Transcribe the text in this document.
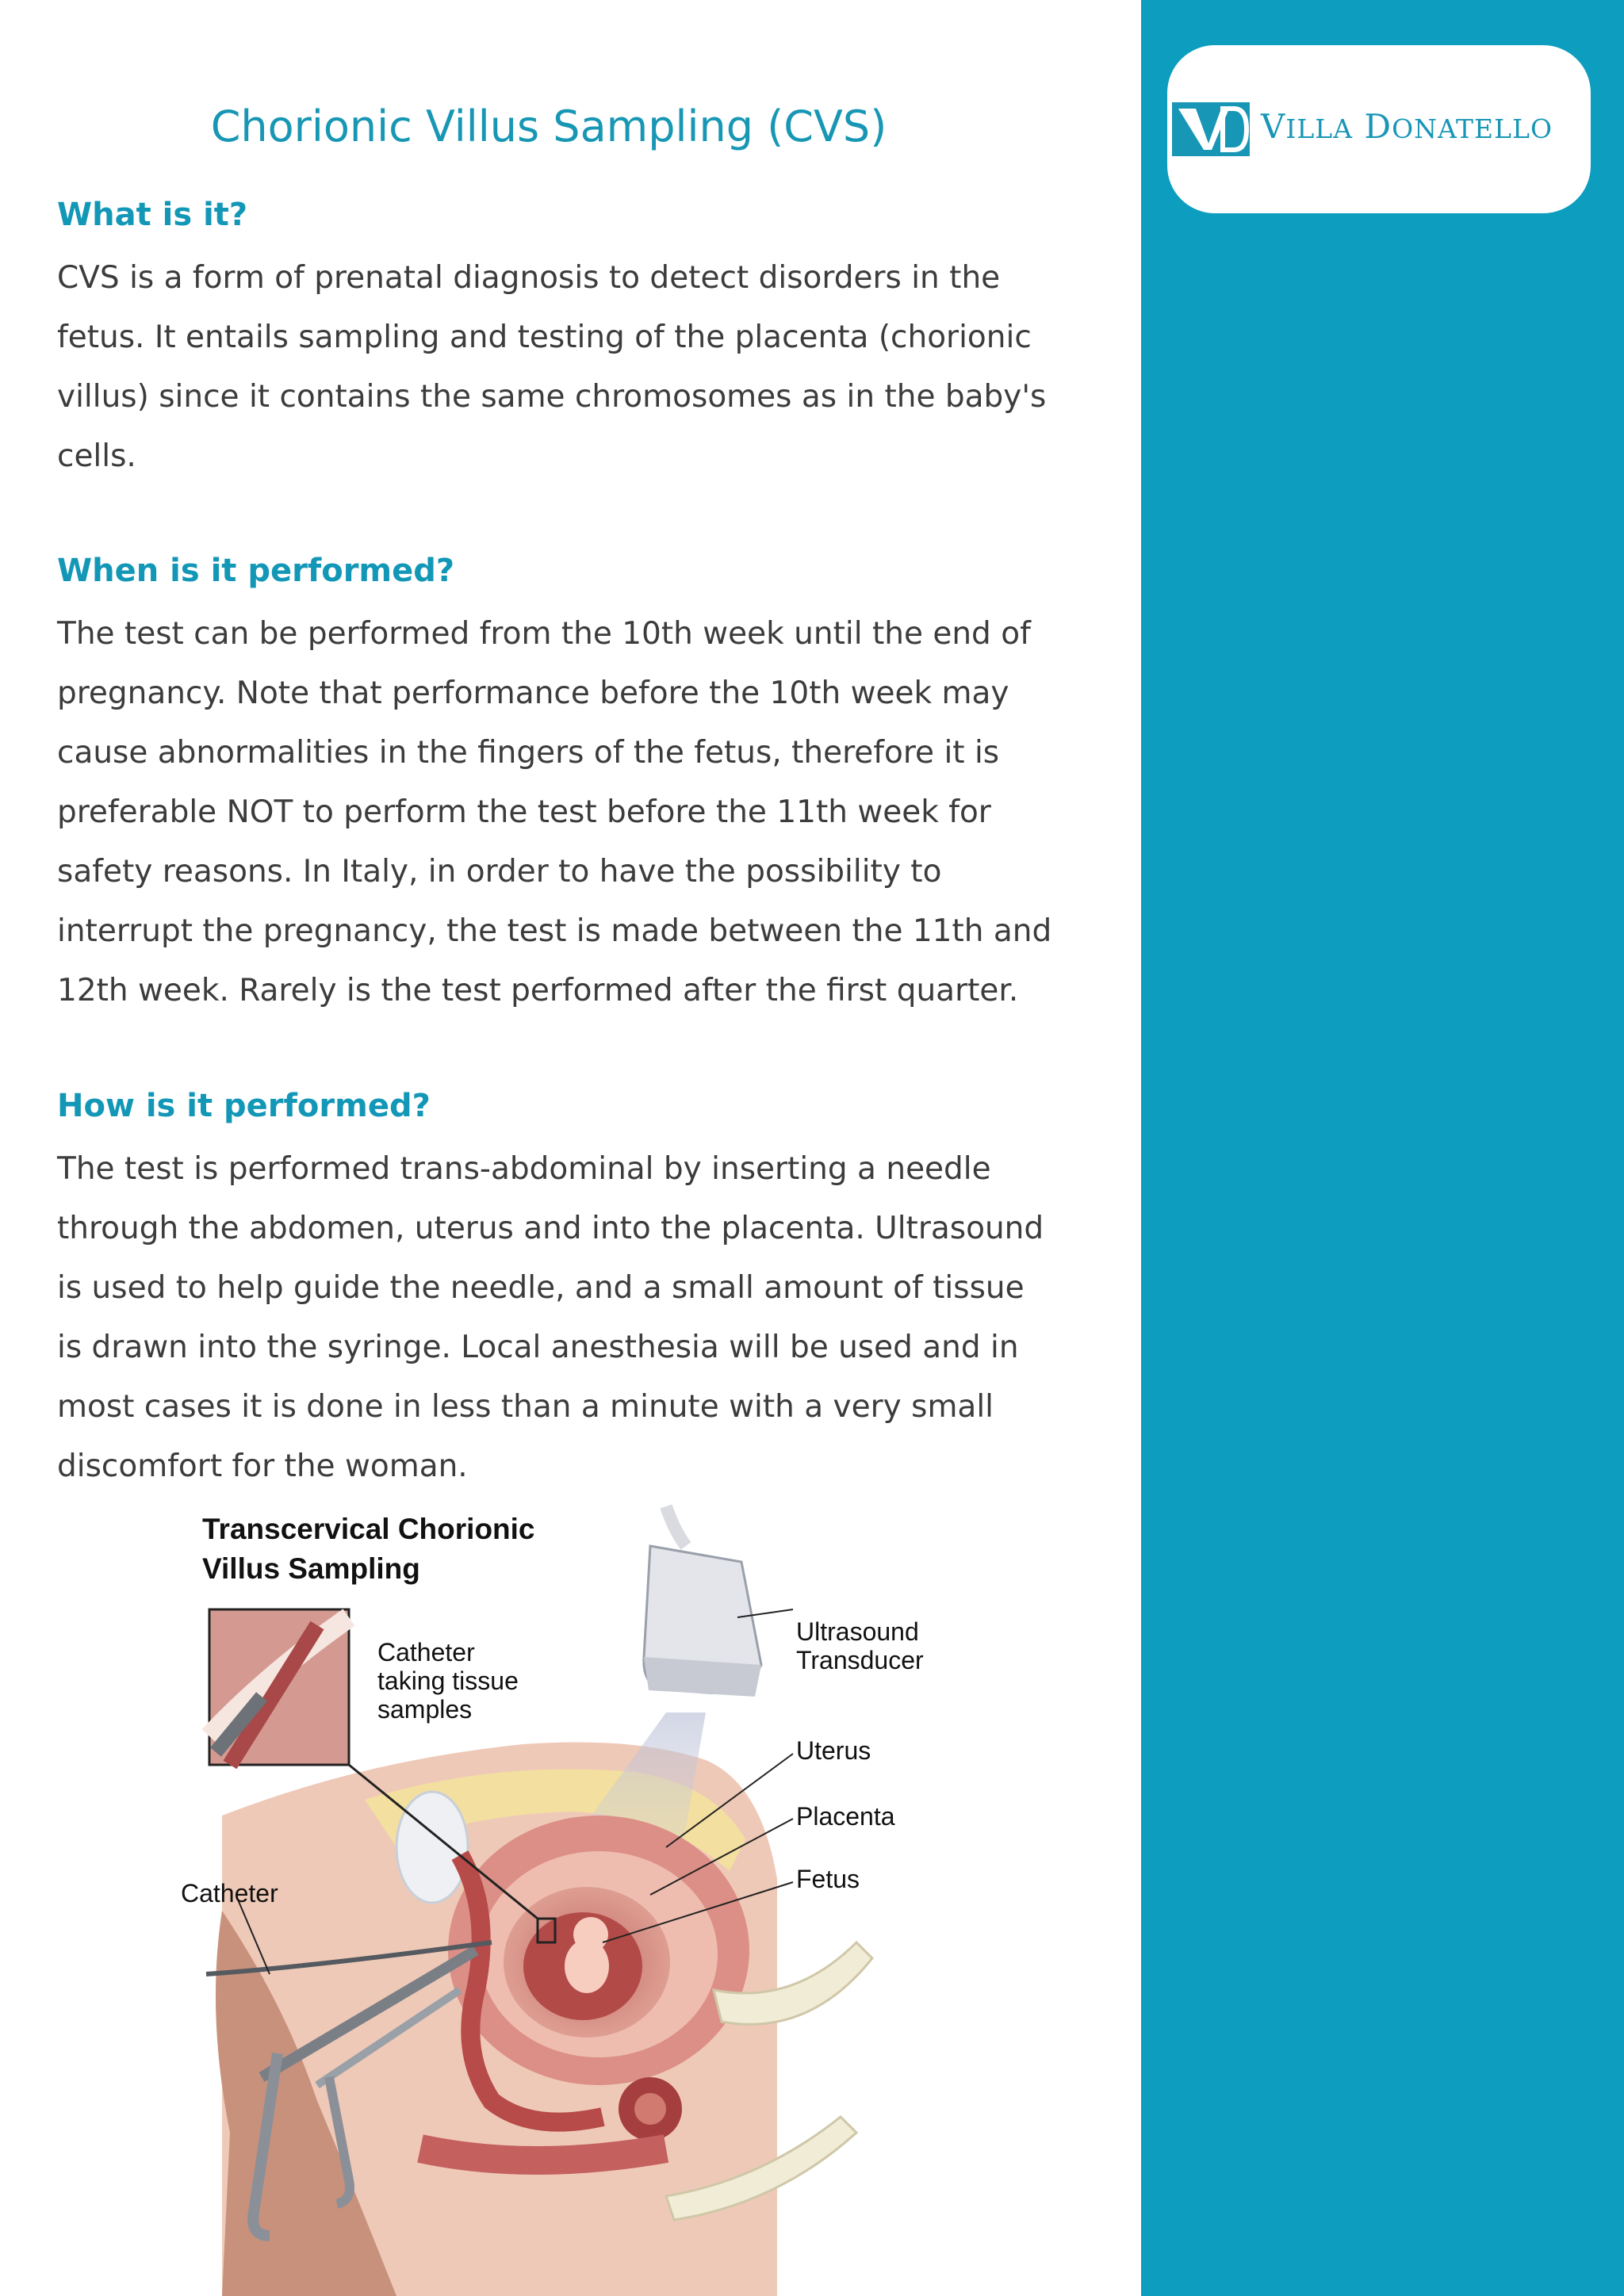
VILLA DONATELLO
Chorionic Villus Sampling (CVS)
What is it?

CVS is a form of prenatal diagnosis to detect disorders in the fetus. It entails sampling and testing of the placenta (chorionic villus) since it contains the same chromosomes as in the baby's cells.

When is it performed?

The test can be performed from the 10th week until the end of pregnancy. Note that performance before the 10th week may cause abnormalities in the fingers of the fetus, therefore it is preferable NOT to perform the test before the 11th week for safety reasons. In Italy, in order to have the possibility to interrupt the pregnancy, the test is made between the 11th and 12th week. Rarely is the test performed after the first quarter.

How is it performed?

The test is performed trans-abdominal by inserting a needle through the abdomen, uterus and into the placenta. Ultrasound is used to help guide the needle, and a small amount of tissue is drawn into the syringe. Local anesthesia will be used and in most cases it is done in less than a minute with a very small discomfort for the woman.

Transcervical Chorionic
Villus Sampling
Catheter
taking tissue
samples
Ultrasound
Transducer
Uterus
Placenta
Fetus
Catheter
